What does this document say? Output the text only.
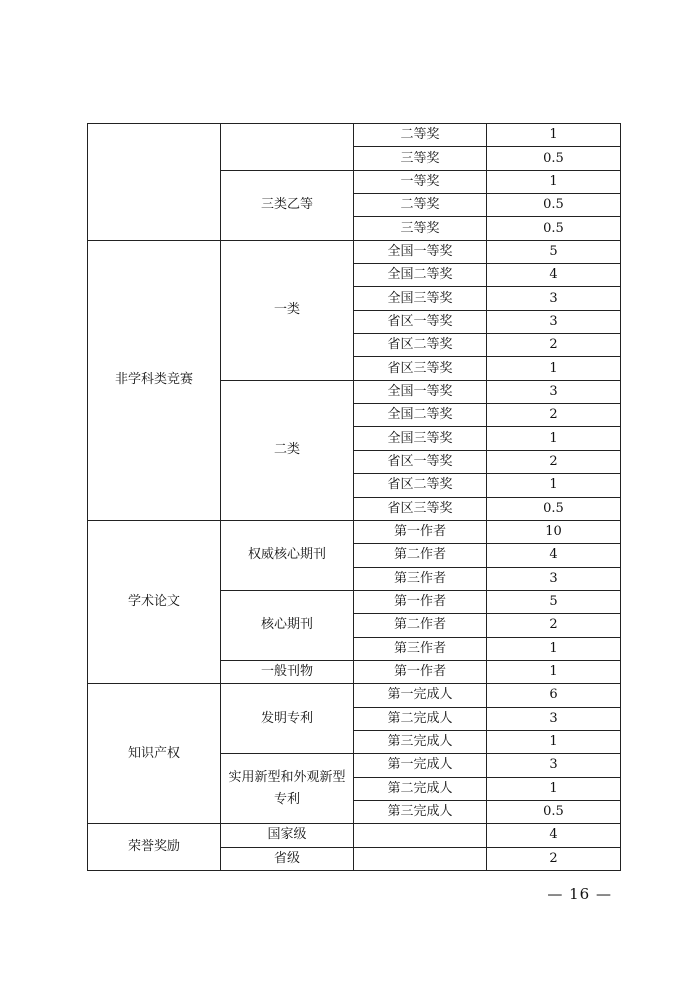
		二等奖	1
		三等奖	0.5
	三类乙等	一等奖	1
		二等奖	0.5
		三等奖	0.5
非学科类竞赛	一类	全国一等奖	5
		全国二等奖	4
		全国三等奖	3
		省区一等奖	3
		省区二等奖	2
		省区三等奖	1
	二类	全国一等奖	3
		全国二等奖	2
		全国三等奖	1
		省区一等奖	2
		省区二等奖	1
		省区三等奖	0.5
学术论文	权威核心期刊	第一作者	10
		第二作者	4
		第三作者	3
	核心期刊	第一作者	5
		第二作者	2
		第三作者	1
	一般刊物	第一作者	1
知识产权	发明专利	第一完成人	6
		第二完成人	3
		第三完成人	1
	实用新型和外观新型专利	第一完成人	3
		第二完成人	1
		第三完成人	0.5
荣誉奖励	国家级		4
	省级		2
— 16 —
